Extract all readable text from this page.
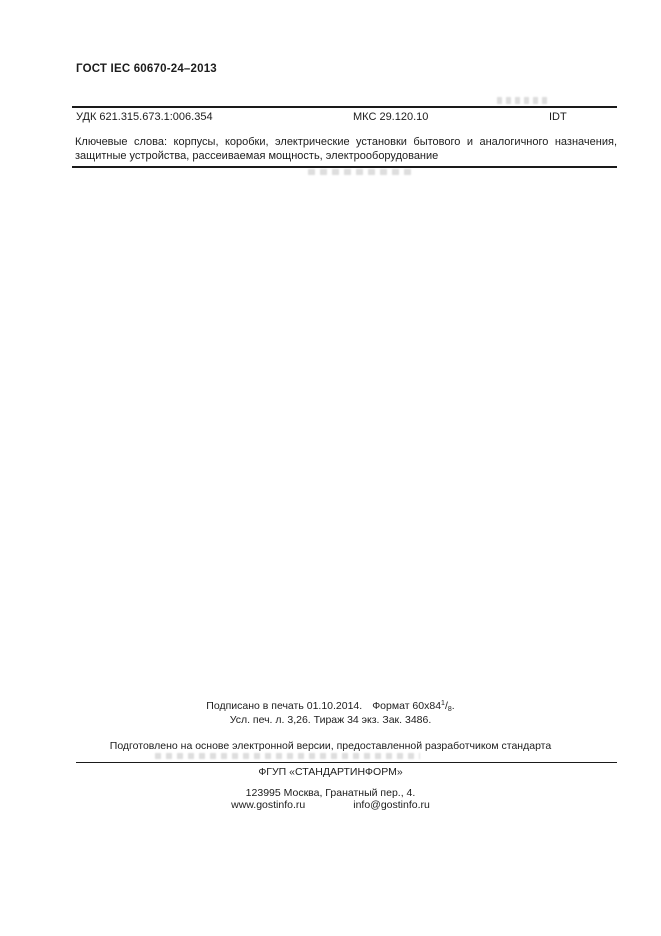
ГОСТ IEC 60670-24–2013
УДК 621.315.673.1:006.354	МКС 29.120.10	IDT

Ключевые слова: корпусы, коробки, электрические установки бытового и аналогичного назначения, защитные устройства, рассеиваемая мощность, электрооборудование

Подписано в печать 01.10.2014. Формат $60x84^1/8$.
Усл. печ. л. 3,26. Тираж 34 экз. Зак. 3486.
Подготовлено на основе электронной версии, предоставленной разработчиком стандарта
ФГУП «СТАНДАРТИНФОРМ»
123995 Москва, Гранатный пер., 4.
www.gostinfo.ru	info@gostinfo.ru
